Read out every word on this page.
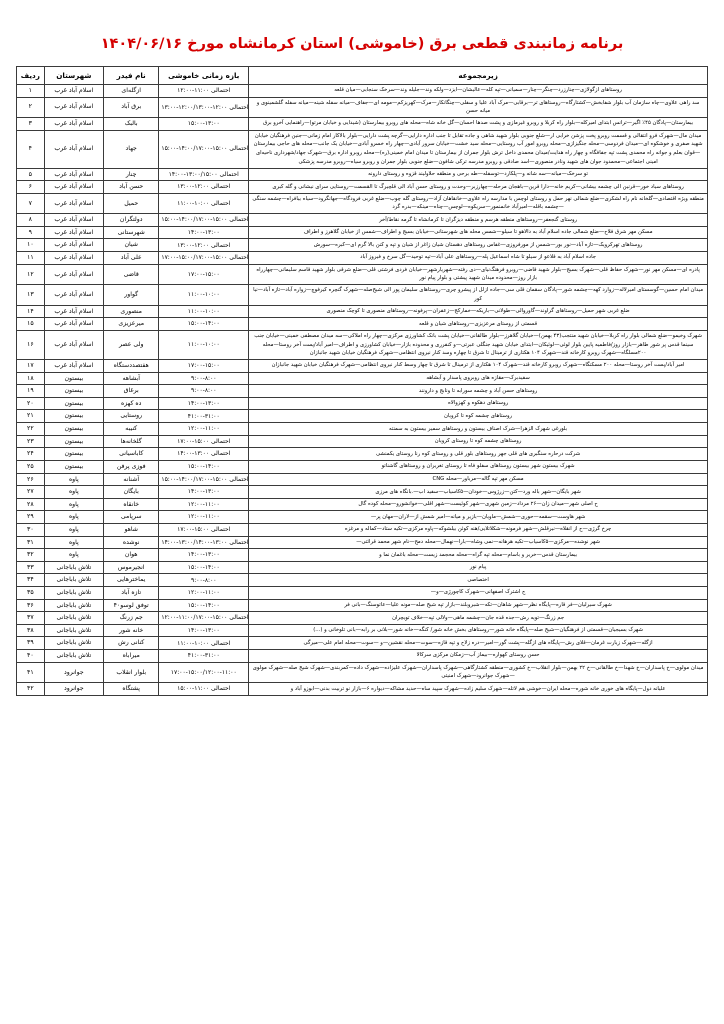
برنامه زمانبندی قطعی برق (خاموشی) استان کرمانشاه مورخ ۱۴۰۴/۰۶/۱۶
زیرمجموعه	بازه زمانی خاموشی	نام فیدر	شهرستان	ردیف
روستاهای ازگولازی—چنارزرد—چنگر—چنار—سمیانی—تپه کله—عالیشان—ایزد—ولکه وند—جلیله وند—سرخک سنجابی—میان قلعه	۱۲:۰۰-۱۱:۰۰ احتمالی	ازگله‌ای	اسلام آباد غرب	۱
سد راهی علاوی—چاه سازمان آب بلوار شفابخش—کشتارگاه—روستاهای تر—برقابی—مرک آباد علیا و سفلی—چنگانکار—مرک—کهریزکم—مومه ای—جفاف—میانه سفله شینه—میانه سفله گلشمینوی و میانه حسن	۱۳:۰۰-۱۲:۰۰/۱۳:۰۰-۱۲:۰۰ احتمالی	برق آباد	اسلام آباد غرب	۲
بیمارستان—پادگان ۴۵٪ اگیر—ترانس ابتدای امیرکله—بلوار راه کربلا و روبرو غیرمازی و پشت صدها احسان—گل خانه شاه—محله های روبرو بیمارستان (شیدایی و خیابان مرتو)—راهنمایی آخرو برق	۱۵:۰۰-۱۳:۰۰	بالبک	اسلام آباد غرب	۳
میدان مال—شهرک فرو انتقالی و قسمت روبرو پخت پزشن خرابی ار—شلع جنوبی بلوار شهید شاهی و جاده تقابل تا جنب اداره دارایی—گرچه پشت دارایی—بلوار بالاکار امام زمانی—جنین فرهنگیان خیابان شهید صفری و خوشکوه ای—میدان فردوسی—محله جنگیزازی—محله روبرو امور آب روستایی—محله سید خشت—خیابان سرور آبادی—چهار راه خسرو آبادی—خیابان یک جانب—محله های حاجی بیمارستان—قوان بعلم و جوانه راه محمدی پشت تپه جفافگاه و چهار راه هدایت/میدان محمدی داخل ترش بلوار جمران از بیمارستان تا میدان امام خمینی(ره)—محله روبرو اداره برق—شهرک جهاد/شهرداری ناحیه‌ای امینی اجتماعی—محمدود جوان های شهید ونادر منصوری—اسد صادقی و روبرو مدرسه ترکی شافون—ضلع جنوبی بلوار جمران و روبرو سیاه—روبرو مدرسه پزشکی	۱۵:۰۰-۱۴:۰۰/۱۷:۰۰-۱۵:۰۰ احتمالی	جهاد	اسلام آباد غرب	۴
تو سرخک—میانه—سه شانه و—پلکارد—توسفله—طه برحی و منطقه حلاولیند قزوه و روستای دارونه	۱۴:۰۰-۱۳:۰۰/۱۵:۰۰ احتمالی	چنار	اسلام آباد غرب	۵
روستاهای سیاد خور—قرنین الی چشمه بیشانی—کریم خانه—دارا قرین—باهجان مرحله—چهارزبر—وحدت و روستای حسن آباد الی قلچیرگ تا القسمت—روستایی سرای نیشانی و گله کبری	۱۳:۰۰-۱۲:۰۰ احتمالی	حسن آباد	اسلام آباد غرب	۶
منطقه ویژه اقتصادی—گلخانه نام راه لشکری—ضلع شمالی نهر حمل و روستای لوچس با مدارسه راه علاوی—خانقاهان آزاد—روستای گله چوب—ضلع غربی فرودگاه—جهانگرود—سیاه بیافراه—چشمه سنگی—چشمه باقله—امیرآباد خانمنمور—سریکوه—لوچس—چناه—مینکه—بدره گرد	۱۱:۰۰-۱۰:۰۰ احتمالی	حمیل	اسلام آباد غرب	۷
روستای گنجعفر—روستاهای منطقه هرسم و منطقه دیزگران تا کرمانشاه تا گرمه نقاط/آخر	۱۵:۰۰-۱۴:۰۰/۱۷:۰۰-۱۵:۰۰ احتمالی	دولتگران	اسلام آباد غرب	۸
مسکن مهر شرق فلاح—ضلع شمالی جاده اسلام آباد به دالاهو تا سیلو—شمس محله های شهرستانی—خیابان بسیج و اطراف—شمس از خیابان گلاهرز و اطراف	۱۴:۰۰-۱۳:۰۰	شهرستانی	اسلام آباد غرب	۹
روستاهای تهرکرویک—تازه آباد—نور بور—شمس از مورفروزی—غفاس روستاهای دهستان شیان زاغر از شیان و تپه و کنن بالا گرم ای—کبره—سورش	۱۳:۰۰-۱۲:۰۰ احتمالی	شیان	اسلام آباد غرب	۱۰
جاده اسلام آباد به قلاعو از سیلو تا شاه اسماعیل پله—روستاهای علی آباد—تپه توحید—گل سرخ و فیروز آباد	۱۷:۰۰-۱۵:۰۰/۱۷:۰۰-۱۵:۰۰ احتمالی	علی آباد	اسلام آباد غرب	۱۱
پادره ای—مسکن مهر نور—شهرک حفاظ قلی—شهرک بسیج—بلوار شهید قاضی—روبرو فرهنگ‌نیای—دی رفته—شهریارشهر—خیابان فردی فرشتی قلی—ضلع شرقی بلوار شهید قاسم سلیمانی—چهارراه بازار روز—محدوده میدان شهید پیشتی و بلوار پیام نور	۱۷:۰۰-۱۵:۰۰	قاضی	اسلام آباد غرب	۱۲
میدان امام حسین—گوسستای امیرلاله—زوارد کهه—چشمه شور—پادگان سقمان قلی سی—جاده ازلل از پیشرو چری—روستاهای سلیمان پور الی شیخ‌صله—شهرک گنچره کیرفوچ—زواره آباد—تازه آباد—نیا کور	۱۱:۰۰-۱۰:۰۰	گواور	اسلام آباد غرب	۱۳
ضلع غربی شهر حمیل—روستاهای گراوند—گاوروالی—طولانی—باریکه—خمارکج—زعفران—پرفونه—روستاهای منصوری تا کوچک منصوری	۱۱:۰۰-۱۰:۰۰	منصوری	اسلام آباد غرب	۱۴
قسمتی از روستای مرعزیزی—روستاهای شیان و قلعه	۱۵:۰۰-۱۴:۰۰	میرعزیزی	اسلام آباد غرب	۱۵
شهرک وخیمو—ضلع شمالی بلوار راه کربلا—خیابان شهید منتجب(۴۳ بهمن)—خیابان گلاهرز—بلوار طالقانی—خیابان پشت بانک کشاورزی مرکزی—چهار راه املاکی—سه میدان مصطفی خمینی—خیابان جنب سینما قدس پر شور طاهر—بازار روز/فاطمیه پایین بلوار لوئی—لوئیکان—ابتدای خیابان شهید جنگلی عبرتی—و کنفرری و محدوده بازار—خیابان کشاورزی و اطراف—امیر آباد/پست آخر روستا—محله ۲۰۰مسلگاه—شهرک روبرو کارخانه قند—شهرک ۱۰۴ هکتاری از ترمینال تا شرق تا چهاره وسد کنار نیروی انتظامی—شهرک فرهنگیان خیابان شهید جانبازان	۱۱:۰۰-۱۰:۰۰	ولی عصر	اسلام آباد غرب	۱۶
امیر آباد/پست آخر روستا—محله ۲۰۰ مسکنگاه—شهرک روبرو کارخانه قند—شهرک ۱۰۴ هکتاری از ترمینال تا شرق تا چهار وسط کنار نیروی انتظامی—شهرک فرهنگیان خیابان شهید جانبازان	۱۷:۰۰-۱۵:۰۰	هفتصددستگاه	اسلام آباد غرب	۱۷
سفیدبرک—مقازه های روبروی پاسدار و آبشاهه	۹:۰۰-۸:۰۰	آبشاهه	بیستون	۱۸
روستاهای حسن آباد و چشمه سورابه تا ونابج و دارونند	۹:۰۰-۸:۰۰	برغاق	بیستون	۱۹
روستاهای دهکوه و کهزوالاه	۱۴:۰۰-۱۳:۰۰	ده کهزه	بیستون	۲۰
روستاهای چشمه کوه تا کرویان	۴۱:۰۰-۳۱:۰۰	روستایی	بیستون	۲۱
بلورغی شهرک الزهرا—شرک اصناف بیستون و روستاهای سمیر بیستون به سمنته	۱۲:۰۰-۱۱:۰۰	کنیبه	بیستون	۲۲
روستاهای چشمه کوه تا روستای کرویان	۱۷:۰۰-۱۵:۰۰ احتمالی	گلخانه‌ها	بیستون	۲۳
شرکت درحاره سنگبری های قلی جهر روستاهای بلور قلی و روستای کوه رنا روستای یکمنشی	۱۴:۰۰-۱۳:۰۰ احتمالی	کاباسیانی	بیستون	۲۴
شهرک بیستون شهر بیستون روستاهای سفلو فاه تا روستای تغریران و روستاهای گاشناتو	۱۵:۰۰-۱۴:۰۰	فوزی پرفن	بیستون	۲۵
مسکن مهر تپه گاله—مریاور—محله CNG	۱۵:۰۰-۱۴:۰۰/۱۷:۰۰-۱۵:۰۰ احتمالی	آشنانه	پاوه	۲۶
شهر بایگان—شهر باله ورد—کتن—زرژوس—خودان—۵کاسیاب—سفید اب—.بانگاه های مرزی	۱۴:۰۰-۱۳:۰۰	بایگان	پاوه	۲۷
ح اصلی شهر—میدان زان—۲۶ مرداد—زمین شهری—شهر کوئیست—شهر اقلی—خوانشورو—محله کوده گال	۱۲:۰۰-۱۱:۰۰	خانقاه	پاوه	۲۸
شهر هاوست—سقمه—حوری—شمش—ماویان—بازیر و میانه—امیر شمش از—لاران—مهان پر—	۱۲:۰۰-۱۱:۰۰	سرپامی	پاوه	۲۹
چرخ گرژی—ح از انقلاه—نیرقلش—شهر فرمونه—شکلاتلایی/هنه کوئن بیلشوکه—پاوه مرکزی—تکیه ستاد—کماله و مرغزه	۱۷:۰۰-۱۵:۰۰ احتمالی	شاهو	پاوه	۳۰
شهر نوشده—مرکزی—۵کاسیاب—تکیه هرهانه—نمی وشاه—بارا—نهمال—محله دمح—نام شهر محمد قرائتی—	۱۴:۰۰-۱۳:۰۰/۱۴:۰۰-۱۳:۰۰ احتمالی	نوشده	پاوه	۳۱
بیمارستان قدس—خریر و باسام—محله تپه گراه—محله محجمد زیست—محله باغمان نما و	۱۴:۰۰-۱۳:۰۰	هوان	پاوه	۳۲
پیام نور	۱۵:۰۰-۱۴:۰۰	انجیرموس	تلاش باباجانی	۳۳
اختصاصی	۹:۰۰-۸:۰۰	یماخترهایی	تلاش باباجانی	۳۴
ج اشترک اصفهانی—شهرک کاچورژی—و—	۱۲:۰۰-۱۱:۰۰	تازه آباد	تلاش باباجانی	۳۵
شهرک سیرلیان—فر قاره—پایگاه نظر—شهر شاهان—تکه—شبروبلند—بازار تپه شیخ صله—مونه علیا—عاتوسنگ—بانی فر	۱۵:۰۰-۱۴:۰۰	توفق لوسو۴۰	تلاش باباجانی	۳۶
جم زرنگ—تویه رش—جده قده جان—چشمه ماهی—ولالی تپه—خلاف تویچران	۱۲:۰۰-۱۱:۰۰/۱۷:۰۰-۱۵:۰۰ احتمالی	جم زرنگ	تلاش باباجانی	۳۷
شهرک بسیجیان—قسمتی از فرهنگیان—شیخ صله—پایگاه خانه شور—روستاهای بخش خانه شور/ کنگه—خانه شور—بلانی بر رابه—بانی تلوخانی و (...)	۱۴:۰۰-۱۳:۰۰	خانه شور	تلاش باباجانی	۳۸
ازگله—شهرک زیارت غرمان—قلای رش—پایگاه های ازگله—پشت گور—امیر—دره زلاح و تپه قازه—سوت—محله نقشین—و —سوت—محله امام علی—میرگی	۱۱:۰۰-۱۰:۰۰ احتمالی	کنانی رش	تلاش باباجانی	۳۹
حسن روستای کهواره—بیماز آب—زمکان مرکزی سرکالا	۴۱:۰۰-۳۱:۰۰	میراباه	تلاش باباجانی	۴۰
میدان مولوی—خ پاسداران—خ شهدا—خ طالقانی—خ ۲۲ بهمن—بلوار انقلاب—خ کشوری—منطقه کشتارگاهی—شهرک پاسداران—شهرک علیزاده—شهرک داده—کمربندی—شهرک شیخ صله—شهرک مولوی—شهرک جوانرود—شهرک امنیتی	۱۷:۰۰-۱۵:۰۰/۱۲:۰۰-۱۱:۰۰	بلوار انقلاب	جوانرود	۴۱
علیانه دول—پایگاه های خوری خانه شوره—محله ایران—خوشی هم لاتله—شهرک سلیم زاده—شهرک سپید ساه—حدید مشاکه—دیواره ۶—بازار نو تربیت بدنی—ابوزو آباد و	۱۵:۰۰-۱۱:۰۰ احتمالی	پشتگاه	جوانرود	۴۲
